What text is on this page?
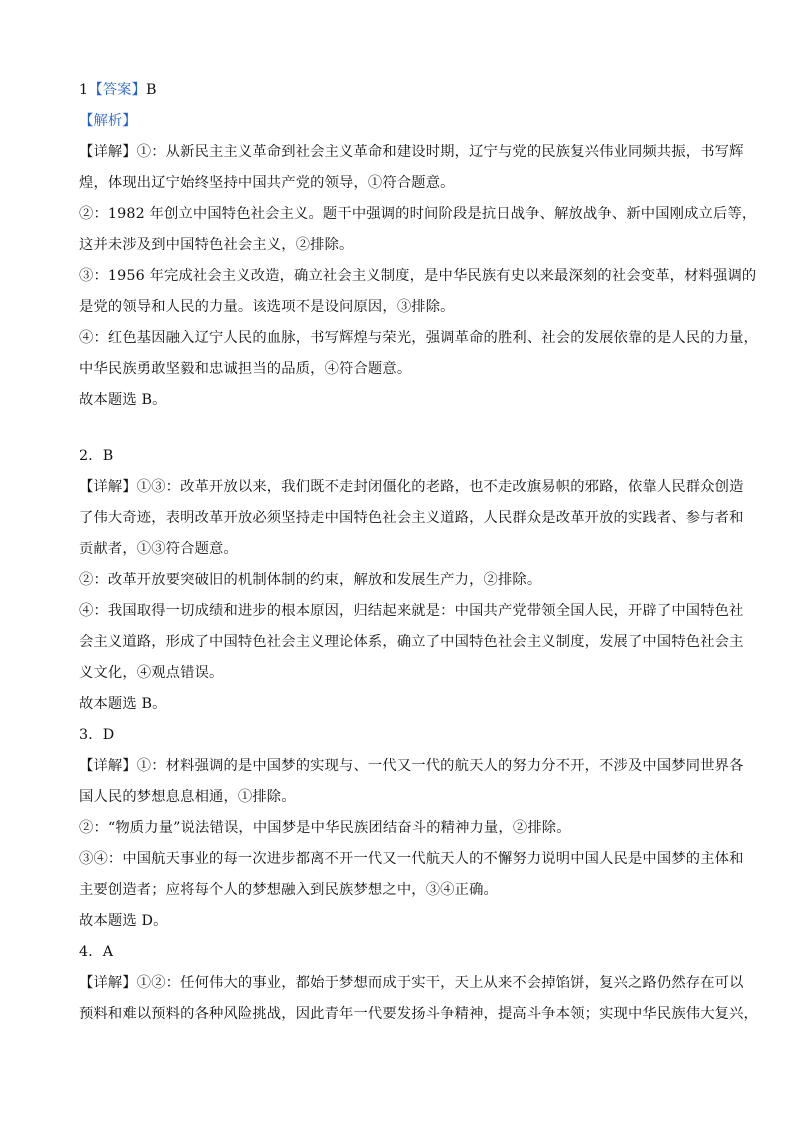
1【答案】B
【解析】
【详解】①：从新民主主义革命到社会主义革命和建设时期，辽宁与党的民族复兴伟业同频共振，书写辉
煌，体现出辽宁始终坚持中国共产党的领导，①符合题意。
②：1982 年创立中国特色社会主义。题干中强调的时间阶段是抗日战争、解放战争、新中国刚成立后等，
这并未涉及到中国特色社会主义，②排除。
③：1956 年完成社会主义改造，确立社会主义制度，是中华民族有史以来最深刻的社会变革，材料强调的
是党的领导和人民的力量。该选项不是设问原因，③排除。
④：红色基因融入辽宁人民的血脉，书写辉煌与荣光，强调革命的胜利、社会的发展依靠的是人民的力量，
中华民族勇敢坚毅和忠诚担当的品质，④符合题意。
故本题选 B。
2．B
【详解】①③：改革开放以来，我们既不走封闭僵化的老路，也不走改旗易帜的邪路，依靠人民群众创造
了伟大奇迹，表明改革开放必须坚持走中国特色社会主义道路，人民群众是改革开放的实践者、参与者和
贡献者，①③符合题意。
②：改革开放要突破旧的机制体制的约束，解放和发展生产力，②排除。
④：我国取得一切成绩和进步的根本原因，归结起来就是：中国共产党带领全国人民，开辟了中国特色社
会主义道路，形成了中国特色社会主义理论体系，确立了中国特色社会主义制度，发展了中国特色社会主
义文化，④观点错误。
故本题选 B。
3．D
【详解】①：材料强调的是中国梦的实现与、一代又一代的航天人的努力分不开，不涉及中国梦同世界各
国人民的梦想息息相通，①排除。
②：“物质力量”说法错误，中国梦是中华民族团结奋斗的精神力量，②排除。
③④：中国航天事业的每一次进步都离不开一代又一代航天人的不懈努力说明中国人民是中国梦的主体和
主要创造者；应将每个人的梦想融入到民族梦想之中，③④正确。
故本题选 D。
4．A
【详解】①②：任何伟大的事业，都始于梦想而成于实干，天上从来不会掉馅饼，复兴之路仍然存在可以
预料和难以预料的各种风险挑战，因此青年一代要发扬斗争精神，提高斗争本领；实现中华民族伟大复兴，
